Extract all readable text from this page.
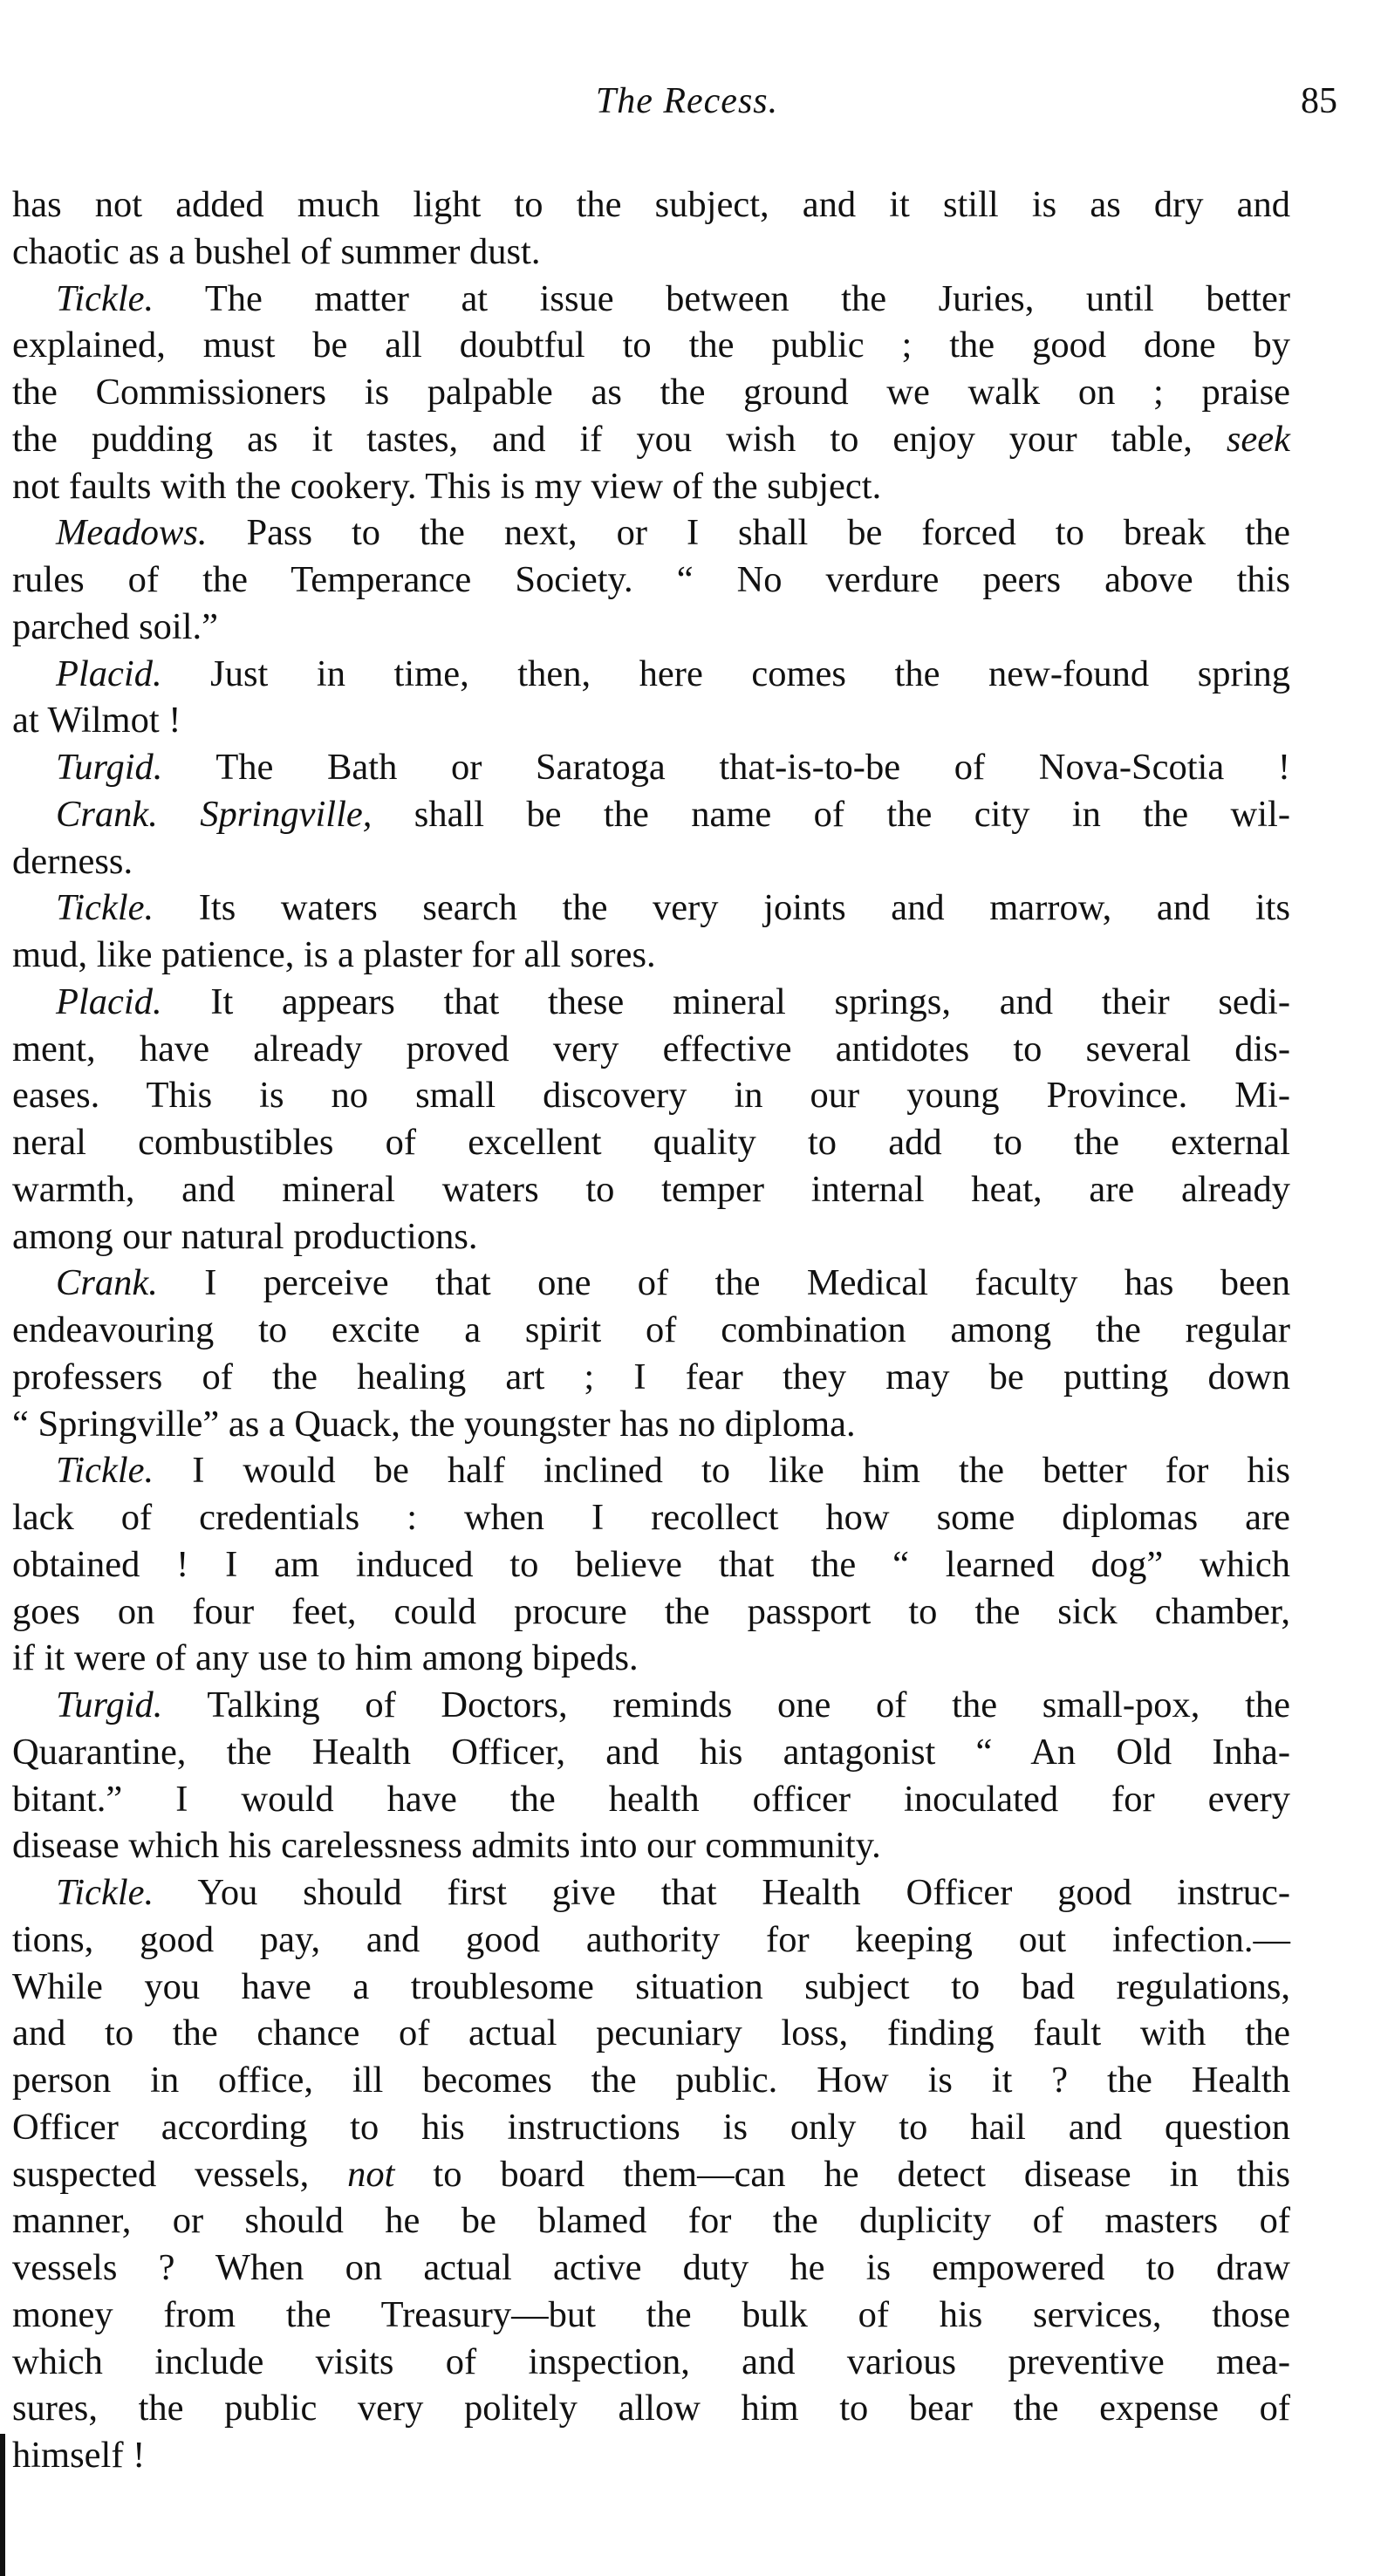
The Recess.	85
has not added much light to the subject, and it still is as dry and
chaotic as a bushel of summer dust.
Tickle. The matter at issue between the Juries, until better
explained, must be all doubtful to the public ; the good done by
the Commissioners is palpable as the ground we walk on ; praise
the pudding as it tastes, and if you wish to enjoy your table, seek
not faults with the cookery. This is my view of the subject.
Meadows. Pass to the next, or I shall be forced to break the
rules of the Temperance Society. “ No verdure peers above this
parched soil.”
Placid. Just in time, then, here comes the new-found spring
at Wilmot !
Turgid. The Bath or Saratoga that-is-to-be of Nova-Scotia !
Crank. Springville, shall be the name of the city in the wil-
derness.
Tickle. Its waters search the very joints and marrow, and its
mud, like patience, is a plaster for all sores.
Placid. It appears that these mineral springs, and their sedi-
ment, have already proved very effective antidotes to several dis-
eases. This is no small discovery in our young Province. Mi-
neral combustibles of excellent quality to add to the external
warmth, and mineral waters to temper internal heat, are already
among our natural productions.
Crank. I perceive that one of the Medical faculty has been
endeavouring to excite a spirit of combination among the regular
professers of the healing art ; I fear they may be putting down
“ Springville” as a Quack, the youngster has no diploma.
Tickle. I would be half inclined to like him the better for his
lack of credentials : when I recollect how some diplomas are
obtained ! I am induced to believe that the “ learned dog” which
goes on four feet, could procure the passport to the sick chamber,
if it were of any use to him among bipeds.
Turgid. Talking of Doctors, reminds one of the small-pox, the
Quarantine, the Health Officer, and his antagonist “ An Old Inha-
bitant.” I would have the health officer inoculated for every
disease which his carelessness admits into our community.
Tickle. You should first give that Health Officer good instruc-
tions, good pay, and good authority for keeping out infection.—
While you have a troublesome situation subject to bad regulations,
and to the chance of actual pecuniary loss, finding fault with the
person in office, ill becomes the public. How is it ? the Health
Officer according to his instructions is only to hail and question
suspected vessels, not to board them—can he detect disease in this
manner, or should he be blamed for the duplicity of masters of
vessels ? When on actual active duty he is empowered to draw
money from the Treasury—but the bulk of his services, those
which include visits of inspection, and various preventive mea-
sures, the public very politely allow him to bear the expense of
himself !
